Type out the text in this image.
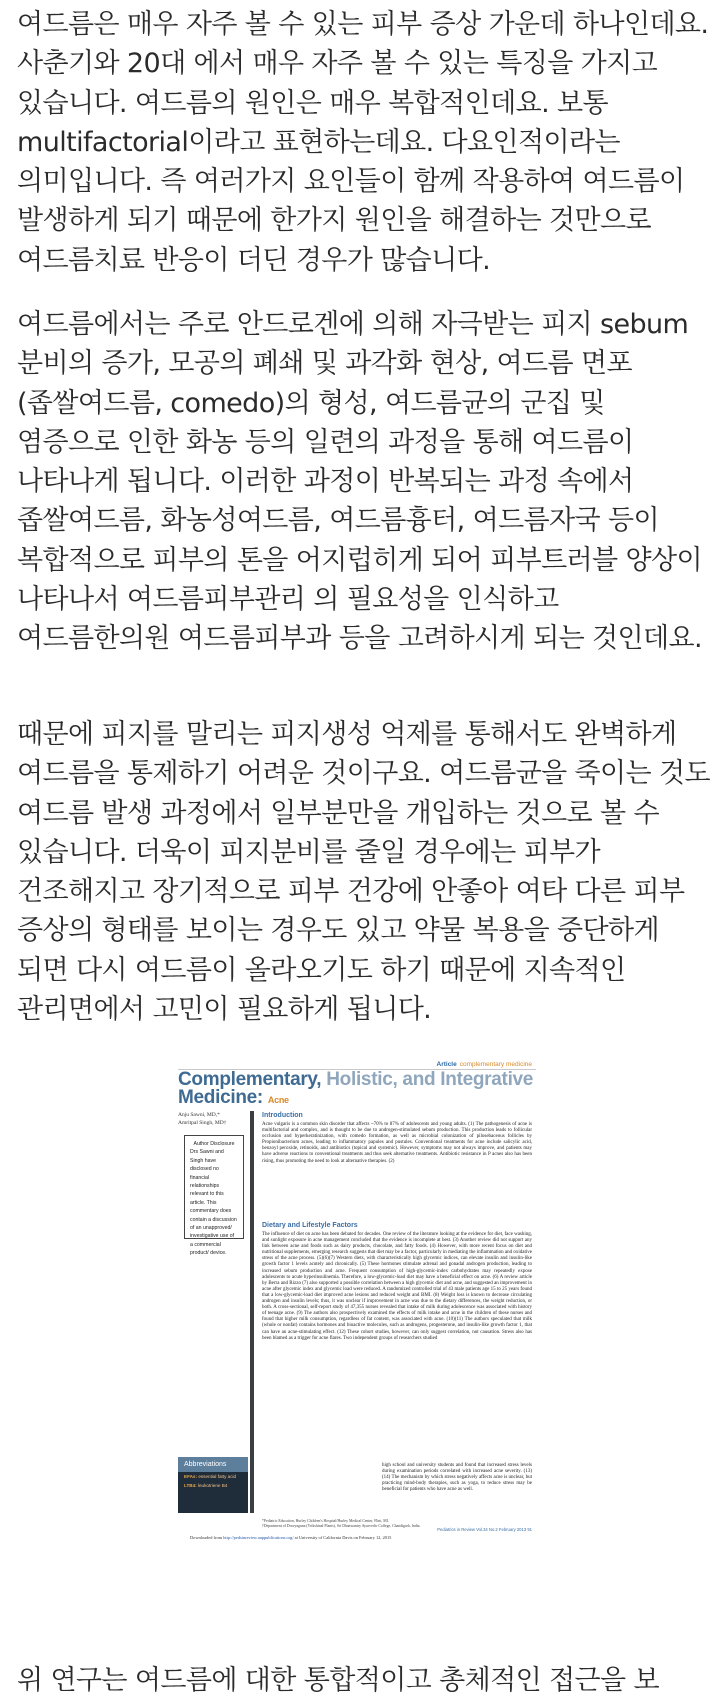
여드름은 매우 자주 볼 수 있는 피부 증상 가운데 하나인데요. 사춘기와 20대 에서 매우 자주 볼 수 있는 특징을 가지고 있습니다. 여드름의 원인은 매우 복합적인데요. 보통 multifactorial이라고 표현하는데요. 다요인적이라는 의미입니다. 즉 여러가지 요인들이 함께 작용하여 여드름이 발생하게 되기 때문에 한가지 원인을 해결하는 것만으로 여드름치료 반응이 더딘 경우가 많습니다.

여드름에서는 주로 안드로겐에 의해 자극받는 피지 sebum 분비의 증가, 모공의 폐쇄 및 과각화 현상, 여드름 면포(좁쌀여드름, comedo)의 형성, 여드름균의 군집 및 염증으로 인한 화농 등의 일련의 과정을 통해 여드름이 나타나게 됩니다. 이러한 과정이 반복되는 과정 속에서 좁쌀여드름, 화농성여드름, 여드름흉터, 여드름자국 등이 복합적으로 피부의 톤을 어지럽히게 되어 피부트러블 양상이 나타나서 여드름피부관리 의 필요성을 인식하고 여드름한의원 여드름피부과 등을 고려하시게 되는 것인데요.

때문에 피지를 말리는 피지생성 억제를 통해서도 완벽하게 여드름을 통제하기 어려운 것이구요. 여드름균을 죽이는 것도 여드름 발생 과정에서 일부분만을 개입하는 것으로 볼 수 있습니다. 더욱이 피지분비를 줄일 경우에는 피부가 건조해지고 장기적으로 피부 건강에 안좋아 여타 다른 피부 증상의 형태를 보이는 경우도 있고 약물 복용을 중단하게 되면 다시 여드름이 올라오기도 하기 때문에 지속적인 관리면에서 고민이 필요하게 됩니다.

Article complementary medicine
Complementary, Holistic, and Integrative
Medicine: Acne
Anju Sawni, MD,*
Amritpal Singh, MD†
Author Disclosure
Drs Sawni and Singh have disclosed no financial relationships relevant to this article. This commentary does contain a discussion of an unapproved/ investigative use of a commercial product/ device.
Abbreviations
EFAs: essential fatty acid
LTB4: leukotriene B4
Introduction

Acne vulgaris is a common skin disorder that affects ~70% to 87% of adolescents and young adults. (1) The pathogenesis of acne is multifactorial and complex, and is thought to be due to androgen-stimulated sebum production. This production leads to follicular occlusion and hyperkeratinization, with comedo formation, as well as microbial colonization of pilosebaceous follicles by Propionibacterium acnes, leading to inflammatory papules and pustules. Conventional treatments for acne include salicylic acid, benzoyl peroxide, retinoids, and antibiotics (topical and systemic). However, symptoms may not always improve, and patients may have adverse reactions to conventional treatments and thus seek alternative treatments. Antibiotic resistance in P acnes also has been rising, thus promoting the need to look at alternative therapies. (2)

Dietary and Lifestyle Factors

The influence of diet on acne has been debated for decades. One review of the literature looking at the evidence for diet, face washing, and sunlight exposure in acne management concluded that the evidence is incomplete at best. (3) Another review did not support any link between acne and foods such as dairy products, chocolate, and fatty foods. (4) However, with more recent focus on diet and nutritional supplements, emerging research suggests that diet may be a factor, particularly in mediating the inflammation and oxidative stress of the acne process. (5)(6)(7) Western diets, with characteristically high glycemic indices, can elevate insulin and insulin-like growth factor 1 levels acutely and chronically. (5) These hormones stimulate adrenal and gonadal androgen production, leading to increased sebum production and acne. Frequent consumption of high-glycemic-index carbohydrates may repeatedly expose adolescents to acute hyperinsulinemia. Therefore, a low-glycemic-load diet may have a beneficial effect on acne. (6) A review article by Berra and Rizzo (7) also supported a possible correlation between a high glycemic diet and acne, and suggested an improvement in acne after glycemic index and glycemic load were reduced. A randomized controlled trial of 43 male patients age 15 to 25 years found that a low-glycemic-load diet improved acne lesions and reduced weight and BMI. (8) Weight loss is known to decrease circulating androgen and insulin levels; thus, it was unclear if improvement in acne was due to the dietary differences, the weight reduction, or both. A cross-sectional, self-report study of 47,355 nurses revealed that intake of milk during adolescence was associated with history of teenage acne. (9) The authors also prospectively examined the effects of milk intake and acne in the children of these nurses and found that higher milk consumption, regardless of fat content, was associated with acne. (10)(11) The authors speculated that milk (whole or nonfat) contains hormones and bioactive molecules, such as androgens, progesterone, and insulin-like growth factor 1, that can have an acne-stimulating effect. (12) These cohort studies, however, can only suggest correlation, not causation. Stress also has been blamed as a trigger for acne flares. Two independent groups of researchers studied

high school and university students and found that increased stress levels during examination periods correlated with increased acne severity. (13)(14) The mechanism by which stress negatively affects acne is unclear, but practicing mind-body therapies, such as yoga, to reduce stress may be beneficial for patients who have acne as well.

*Pediatric Education, Hurley Children's Hospital/Hurley Medical Center, Flint, MI.
†Department of Dravyaguna (Vrikshinal Plants), Sri Dhanwantry Ayurvedic College, Chandigarh, India.
Pediatrics in Review Vol.34 No.2 February 2013 91
Downloaded from http://pedsinreview.aappublications.org/ at University of California Davis on February 12, 2015

위 연구는 여드름에 대한 통합적이고 총체적인 접근을 보
